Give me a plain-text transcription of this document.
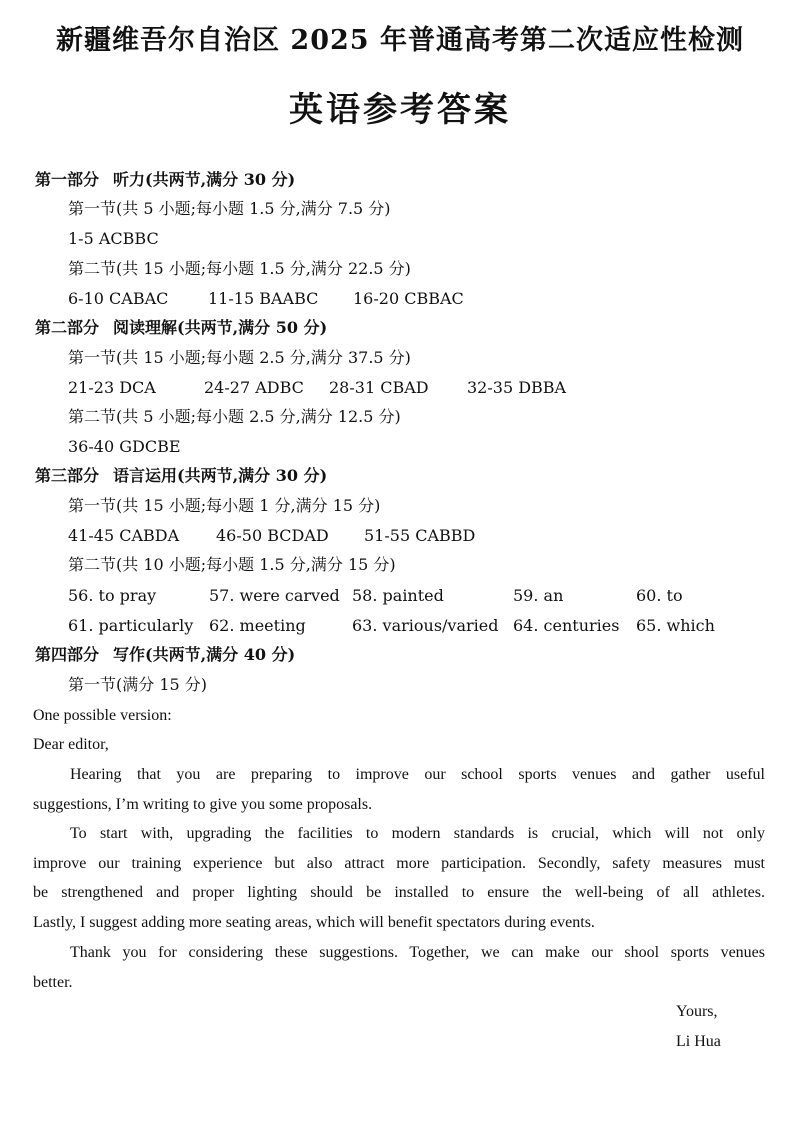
新疆维吾尔自治区 2025 年普通高考第二次适应性检测
英语参考答案
第一部分 听力(共两节,满分 30 分)
第一节(共 5 小题;每小题 1.5 分,满分 7.5 分)
1-5 ACBBC
第二节(共 15 小题;每小题 1.5 分,满分 22.5 分)
6-10 CABAC 11-15 BAABC 16-20 CBBAC
第二部分 阅读理解(共两节,满分 50 分)
第一节(共 15 小题;每小题 2.5 分,满分 37.5 分)
21-23 DCA	24-27 ADBC 28-31 CBAD 32-35 DBBA
第二节(共 5 小题;每小题 2.5 分,满分 12.5 分)
36-40 GDCBE
第三部分 语言运用(共两节,满分 30 分)
第一节(共 15 小题;每小题 1 分,满分 15 分)
41-45 CABDA 46-50 BCDAD 51-55 CABBD
第二节(共 10 小题;每小题 1.5 分,满分 15 分)
56. to pray	57. were carved 58. painted	59. an	60. to
61. particularly 62. meeting	63. various/varied 64. centuries 65. which
第四部分 写作(共两节,满分 40 分)
第一节(满分 15 分)
One possible version:
Dear editor,
Hearing that you are preparing to improve our school sports venues and gather useful
suggestions, I’m writing to give you some proposals.
To start with, upgrading the facilities to modern standards is crucial, which will not only
improve our training experience but also attract more participation. Secondly, safety measures must
be strengthened and proper lighting should be installed to ensure the well-being of all athletes.
Lastly, I suggest adding more seating areas, which will benefit spectators during events.
Thank you for considering these suggestions. Together, we can make our shool sports venues
better.
Yours,
Li Hua
